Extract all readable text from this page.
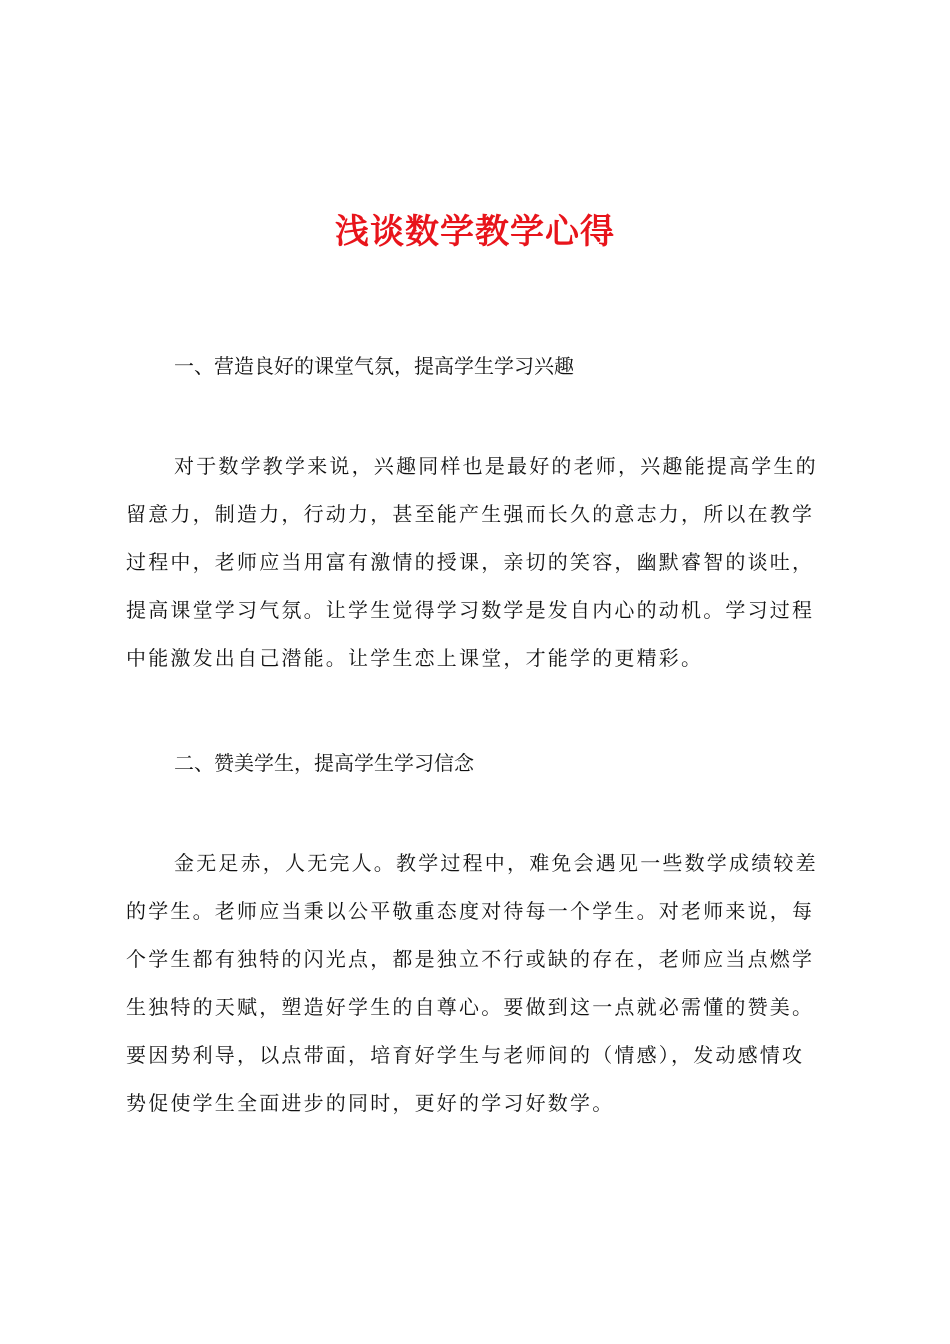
浅谈数学教学心得
一、营造良好的课堂气氛，提高学生学习兴趣
对于数学教学来说，兴趣同样也是最好的老师，兴趣能提高学生的
留意力，制造力，行动力，甚至能产生强而长久的意志力，所以在教学
过程中，老师应当用富有激情的授课，亲切的笑容，幽默睿智的谈吐，
提高课堂学习气氛。让学生觉得学习数学是发自内心的动机。学习过程
中能激发出自己潜能。让学生恋上课堂，才能学的更精彩。
二、赞美学生，提高学生学习信念
金无足赤，人无完人。教学过程中，难免会遇见一些数学成绩较差
的学生。老师应当秉以公平敬重态度对待每一个学生。对老师来说，每
个学生都有独特的闪光点，都是独立不行或缺的存在，老师应当点燃学
生独特的天赋，塑造好学生的自尊心。要做到这一点就必需懂的赞美。
要因势利导，以点带面，培育好学生与老师间的（情感），发动感情攻
势促使学生全面进步的同时，更好的学习好数学。
